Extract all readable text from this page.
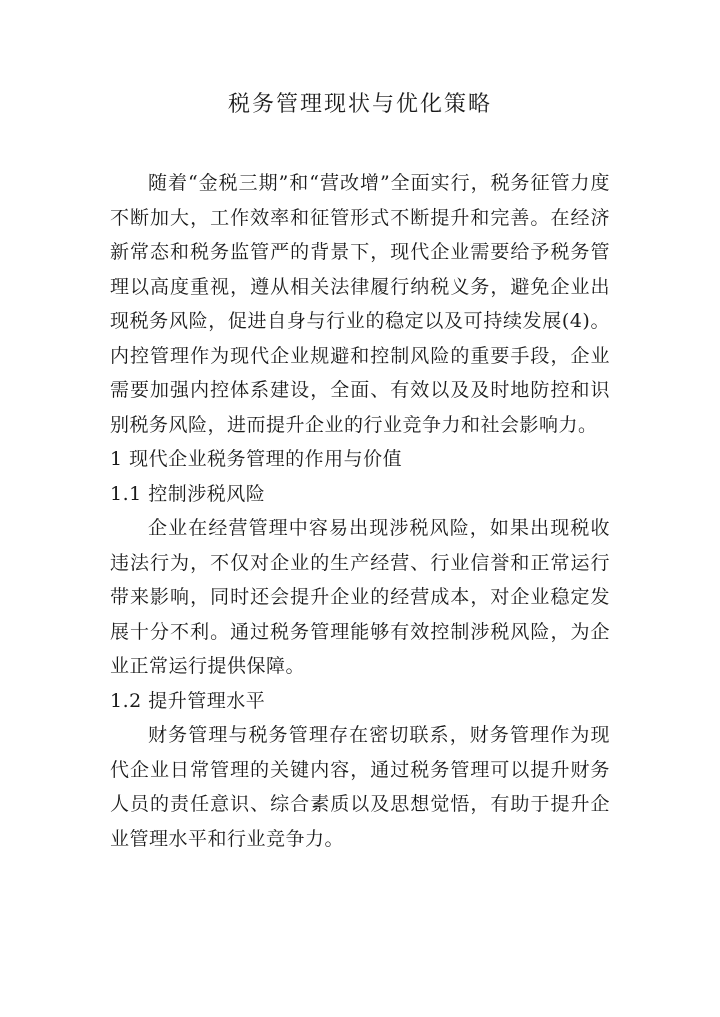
税务管理现状与优化策略

随着“金税三期”和“营改增”全面实行，税务征管力度不断加大，工作效率和征管形式不断提升和完善。在经济新常态和税务监管严的背景下，现代企业需要给予税务管理以高度重视，遵从相关法律履行纳税义务，避免企业出现税务风险，促进自身与行业的稳定以及可持续发展(4)。内控管理作为现代企业规避和控制风险的重要手段，企业需要加强内控体系建设，全面、有效以及及时地防控和识别税务风险，进而提升企业的行业竞争力和社会影响力。

1 现代企业税务管理的作用与价值
1.1 控制涉税风险

企业在经营管理中容易出现涉税风险，如果出现税收违法行为，不仅对企业的生产经营、行业信誉和正常运行带来影响，同时还会提升企业的经营成本，对企业稳定发展十分不利。通过税务管理能够有效控制涉税风险，为企业正常运行提供保障。

1.2 提升管理水平

财务管理与税务管理存在密切联系，财务管理作为现代企业日常管理的关键内容，通过税务管理可以提升财务人员的责任意识、综合素质以及思想觉悟，有助于提升企业管理水平和行业竞争力。
